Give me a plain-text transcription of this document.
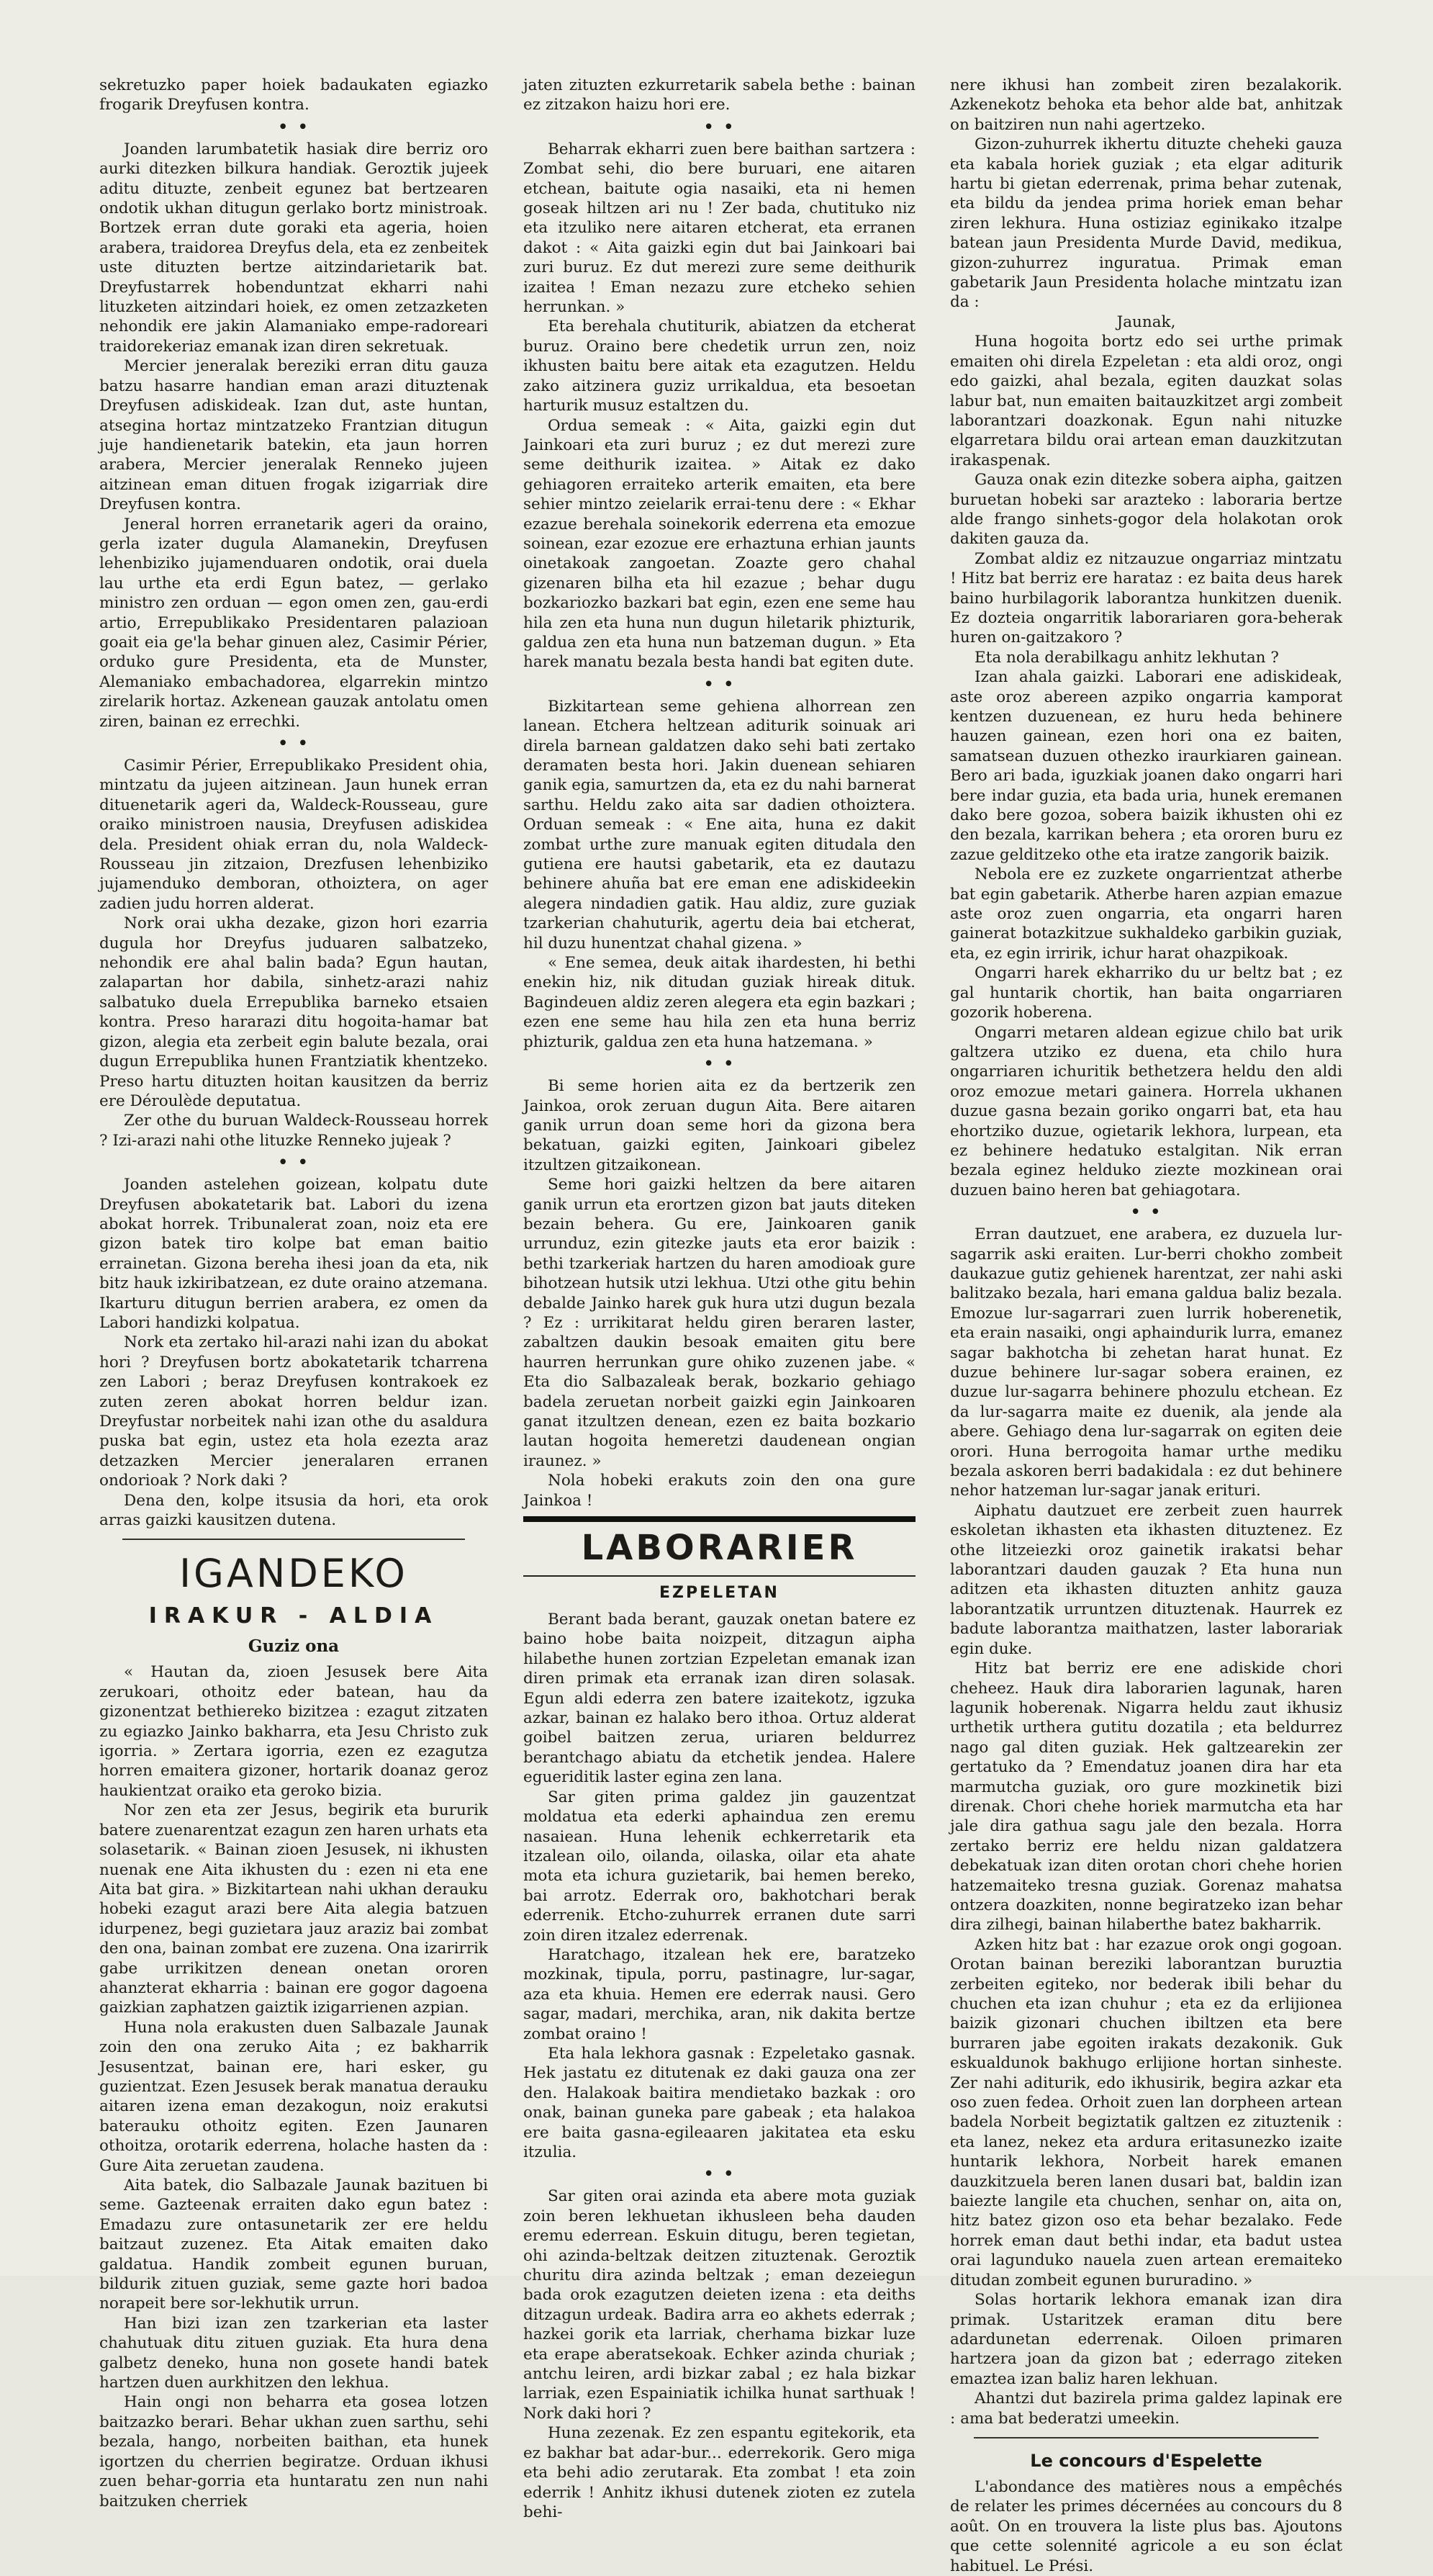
sekretuzko paper hoiek badaukaten egiazko frogarik Dreyfusen kontra.

• •

Joanden larumbatetik hasiak dire berriz oro aurki ditezken bilkura handiak. Geroztik jujeek aditu dituzte, zenbeit egunez bat bertzearen ondotik ukhan ditugun gerlako bortz ministroak. Bortzek erran dute goraki eta ageria, hoien arabera, traidorea Dreyfus dela, eta ez zenbeitek uste dituzten bertze aitzindarietarik bat. Dreyfustarrek hobenduntzat ekharri nahi lituzketen aitzindari hoiek, ez omen zetzazketen nehondik ere jakin Alamaniako empe-radoreari traidorekeriaz emanak izan diren sekretuak.

Mercier jeneralak bereziki erran ditu gauza batzu hasarre handian eman arazi dituztenak Dreyfusen adiskideak. Izan dut, aste huntan, atsegina hortaz mintzatzeko Frantzian ditugun juje handienetarik batekin, eta jaun horren arabera, Mercier jeneralak Renneko jujeen aitzinean eman dituen frogak izigarriak dire Dreyfusen kontra.

Jeneral horren erranetarik ageri da oraino, gerla izater dugula Alamanekin, Dreyfusen lehenbiziko jujamenduaren ondotik, orai duela lau urthe eta erdi Egun batez, — gerlako ministro zen orduan — egon omen zen, gau-erdi artio, Errepublikako Presidentaren palazioan goait eia ge'la behar ginuen alez, Casimir Périer, orduko gure Presidenta, eta de Munster, Alemaniako embachadorea, elgarrekin mintzo zirelarik hortaz. Azkenean gauzak antolatu omen ziren, bainan ez errechki.

• •

Casimir Périer, Errepublikako President ohia, mintzatu da jujeen aitzinean. Jaun hunek erran dituenetarik ageri da, Waldeck-Rousseau, gure oraiko ministroen nausia, Dreyfusen adiskidea dela. President ohiak erran du, nola Waldeck-Rousseau jin zitzaion, Drezfusen lehenbiziko jujamenduko demboran, othoiztera, on ager zadien judu horren alderat.

Nork orai ukha dezake, gizon hori ezarria dugula hor Dreyfus juduaren salbatzeko, nehondik ere ahal balin bada? Egun hautan, zalapartan hor dabila, sinhetz-arazi nahiz salbatuko duela Errepublika barneko etsaien kontra. Preso hararazi ditu hogoita-hamar bat gizon, alegia eta zerbeit egin balute bezala, orai dugun Errepublika hunen Frantziatik khentzeko. Preso hartu dituzten hoitan kausitzen da berriz ere Déroulède deputatua.

Zer othe du buruan Waldeck-Rousseau horrek ? Izi-arazi nahi othe lituzke Renneko jujeak ?

• •

Joanden astelehen goizean, kolpatu dute Dreyfusen abokatetarik bat. Labori du izena abokat horrek. Tribunalerat zoan, noiz eta ere gizon batek tiro kolpe bat eman baitio errainetan. Gizona bereha ihesi joan da eta, nik bitz hauk izkiribatzean, ez dute oraino atzemana. Ikarturu ditugun berrien arabera, ez omen da Labori handizki kolpatua.

Nork eta zertako hil-arazi nahi izan du abokat hori ? Dreyfusen bortz abokatetarik tcharrena zen Labori ; beraz Dreyfusen kontrakoek ez zuten zeren abokat horren beldur izan. Dreyfustar norbeitek nahi izan othe du asaldura puska bat egin, ustez eta hola ezezta araz detzazken Mercier jeneralaren erranen ondorioak ? Nork daki ?

Dena den, kolpe itsusia da hori, eta orok arras gaizki kausitzen dutena.

IGANDEKO
IRAKUR - ALDIA
Guziz ona

« Hautan da, zioen Jesusek bere Aita zerukoari, othoitz eder batean, hau da gizonentzat bethiereko bizitzea : ezagut zitzaten zu egiazko Jainko bakharra, eta Jesu Christo zuk igorria. » Zertara igorria, ezen ez ezagutza horren emaitera gizoner, hortarik doanaz geroz haukientzat oraiko eta geroko bizia.

Nor zen eta zer Jesus, begirik eta bururik batere zuenarentzat ezagun zen haren urhats eta solasetarik. « Bainan zioen Jesusek, ni ikhusten nuenak ene Aita ikhusten du : ezen ni eta ene Aita bat gira. » Bizkitartean nahi ukhan derauku hobeki ezagut arazi bere Aita alegia batzuen idurpenez, begi guzietara jauz araziz bai zombat den ona, bainan zombat ere zuzena. Ona izarirrik gabe urrikitzen denean onetan ororen ahanzterat ekharria : bainan ere gogor dagoena gaizkian zaphatzen gaiztik izigarrienen azpian.

Huna nola erakusten duen Salbazale Jaunak zoin den ona zeruko Aita ; ez bakharrik Jesusentzat, bainan ere, hari esker, gu guzientzat. Ezen Jesusek berak manatua derauku aitaren izena eman dezakogun, noiz erakutsi baterauku othoitz egiten. Ezen Jaunaren othoitza, orotarik ederrena, holache hasten da : Gure Aita zeruetan zaudena.

Aita batek, dio Salbazale Jaunak bazituen bi seme. Gazteenak erraiten dako egun batez : Emadazu zure ontasunetarik zer ere heldu baitzaut zuzenez. Eta Aitak emaiten dako galdatua. Handik zombeit egunen buruan, bildurik zituen guziak, seme gazte hori badoa norapeit bere sor-lekhutik urrun.

Han bizi izan zen tzarkerian eta laster chahutuak ditu zituen guziak. Eta hura dena galbetz deneko, huna non gosete handi batek hartzen duen aurkhitzen den lekhua.

Hain ongi non beharra eta gosea lotzen baitzazko berari. Behar ukhan zuen sarthu, sehi bezala, hango, norbeiten baithan, eta hunek igortzen du cherrien begiratze. Orduan ikhusi zuen behar-gorria eta huntaratu zen nun nahi baitzuken cherriek

jaten zituzten ezkurretarik sabela bethe : bainan ez zitzakon haizu hori ere.

• •

Beharrak ekharri zuen bere baithan sartzera : Zombat sehi, dio bere buruari, ene aitaren etchean, baitute ogia nasaiki, eta ni hemen goseak hiltzen ari nu ! Zer bada, chutituko niz eta itzuliko nere aitaren etcherat, eta erranen dakot : « Aita gaizki egin dut bai Jainkoari bai zuri buruz. Ez dut merezi zure seme deithurik izaitea ! Eman nezazu zure etcheko sehien herrunkan. »

Eta berehala chutiturik, abiatzen da etcherat buruz. Oraino bere chedetik urrun zen, noiz ikhusten baitu bere aitak eta ezagutzen. Heldu zako aitzinera guziz urrikaldua, eta besoetan harturik musuz estaltzen du.

Ordua semeak : « Aita, gaizki egin dut Jainkoari eta zuri buruz ; ez dut merezi zure seme deithurik izaitea. » Aitak ez dako gehiagoren erraiteko arterik emaiten, eta bere sehier mintzo zeielarik errai-tenu dere : « Ekhar ezazue berehala soinekorik ederrena eta emozue soinean, ezar ezozue ere erhaztuna erhian jaunts oinetakoak zangoetan. Zoazte gero chahal gizenaren bilha eta hil ezazue ; behar dugu bozkariozko bazkari bat egin, ezen ene seme hau hila zen eta huna nun dugun hiletarik phizturik, galdua zen eta huna nun batzeman dugun. » Eta harek manatu bezala besta handi bat egiten dute.

• •

Bizkitartean seme gehiena alhorrean zen lanean. Etchera heltzean aditurik soinuak ari direla barnean galdatzen dako sehi bati zertako deramaten besta hori. Jakin duenean sehiaren ganik egia, samurtzen da, eta ez du nahi barnerat sarthu. Heldu zako aita sar dadien othoiztera. Orduan semeak : « Ene aita, huna ez dakit zombat urthe zure manuak egiten ditudala den gutiena ere hautsi gabetarik, eta ez dautazu behinere ahuña bat ere eman ene adiskideekin alegera nindadien gatik. Hau aldiz, zure guziak tzarkerian chahuturik, agertu deia bai etcherat, hil duzu hunentzat chahal gizena. »

« Ene semea, deuk aitak ihardesten, hi bethi enekin hiz, nik ditudan guziak hireak dituk. Bagindeuen aldiz zeren alegera eta egin bazkari ; ezen ene seme hau hila zen eta huna berriz phizturik, galdua zen eta huna hatzemana. »

• •

Bi seme horien aita ez da bertzerik zen Jainkoa, orok zeruan dugun Aita. Bere aitaren ganik urrun doan seme hori da gizona bera bekatuan, gaizki egiten, Jainkoari gibelez itzultzen gitzaikonean.

Seme hori gaizki heltzen da bere aitaren ganik urrun eta erortzen gizon bat jauts diteken bezain behera. Gu ere, Jainkoaren ganik urrunduz, ezin gitezke jauts eta eror baizik : bethi tzarkeriak hartzen du haren amodioak gure bihotzean hutsik utzi lekhua. Utzi othe gitu behin debalde Jainko harek guk hura utzi dugun bezala ? Ez : urrikitarat heldu giren beraren laster, zabaltzen daukin besoak emaiten gitu bere haurren herrunkan gure ohiko zuzenen jabe. « Eta dio Salbazaleak berak, bozkario gehiago badela zeruetan norbeit gaizki egin Jainkoaren ganat itzultzen denean, ezen ez baita bozkario lautan hogoita hemeretzi daudenean ongian iraunez. »

Nola hobeki erakuts zoin den ona gure Jainkoa !

LABORARIER
EZPELETAN

Berant bada berant, gauzak onetan batere ez baino hobe baita noizpeit, ditzagun aipha hilabethe hunen zortzian Ezpeletan emanak izan diren primak eta erranak izan diren solasak. Egun aldi ederra zen batere izaitekotz, igzuka azkar, bainan ez halako bero ithoa. Ortuz alderat goibel baitzen zerua, uriaren beldurrez berantchago abiatu da etchetik jendea. Halere egueriditik laster egina zen lana.

Sar giten prima galdez jin gauzentzat moldatua eta ederki aphaindua zen eremu nasaiean. Huna lehenik echkerretarik eta itzalean oilo, oilanda, oilaska, oilar eta ahate mota eta ichura guzietarik, bai hemen bereko, bai arrotz. Ederrak oro, bakhotchari berak ederrenik. Etcho-zuhurrek erranen dute sarri zoin diren itzalez ederrenak.

Haratchago, itzalean hek ere, baratzeko mozkinak, tipula, porru, pastinagre, lur-sagar, aza eta khuia. Hemen ere ederrak nausi. Gero sagar, madari, merchika, aran, nik dakita bertze zombat oraino !

Eta hala lekhora gasnak : Ezpeletako gasnak. Hek jastatu ez ditutenak ez daki gauza ona zer den. Halakoak baitira mendietako bazkak : oro onak, bainan guneka pare gabeak ; eta halakoa ere baita gasna-egileaaren jakitatea eta esku itzulia.

• •

Sar giten orai azinda eta abere mota guziak zoin beren lekhuetan ikhusleen beha dauden eremu ederrean. Eskuin ditugu, beren tegietan, ohi azinda-beltzak deitzen zituztenak. Geroztik churitu dira azinda beltzak ; eman dezeiegun bada orok ezagutzen deieten izena : eta deiths ditzagun urdeak. Badira arra eo akhets ederrak ; hazkei gorik eta larriak, cherhama bizkar luze eta erape aberatsekoak. Echker azinda churiak ; antchu leiren, ardi bizkar zabal ; ez hala bizkar larriak, ezen Espainiatik ichilka hunat sarthuak ! Nork daki hori ?

Huna zezenak. Ez zen espantu egitekorik, eta ez bakhar bat adar-bur... ederrekorik. Gero miga eta behi adio zerutarak. Eta zombat ! eta zoin ederrik ! Anhitz ikhusi dutenek zioten ez zutela behi-

nere ikhusi han zombeit ziren bezalakorik. Azkenekotz behoka eta behor alde bat, anhitzak on baitziren nun nahi agertzeko.

Gizon-zuhurrek ikhertu dituzte cheheki gauza eta kabala horiek guziak ; eta elgar aditurik hartu bi gietan ederrenak, prima behar zutenak, eta bildu da jendea prima horiek eman behar ziren lekhura. Huna ostiziaz eginikako itzalpe batean jaun Presidenta Murde David, medikua, gizon-zuhurrez inguratua. Primak eman gabetarik Jaun Presidenta holache mintzatu izan da :

Jaunak,

Huna hogoita bortz edo sei urthe primak emaiten ohi direla Ezpeletan : eta aldi oroz, ongi edo gaizki, ahal bezala, egiten dauzkat solas labur bat, nun emaiten baitauzkitzet argi zombeit laborantzari doazkonak. Egun nahi nituzke elgarretara bildu orai artean eman dauzkitzutan irakaspenak.

Gauza onak ezin ditezke sobera aipha, gaitzen buruetan hobeki sar arazteko : laboraria bertze alde frango sinhets-gogor dela holakotan orok dakiten gauza da.

Zombat aldiz ez nitzauzue ongarriaz mintzatu ! Hitz bat berriz ere harataz : ez baita deus harek baino hurbilagorik laborantza hunkitzen duenik. Ez dozteia ongarritik laborariaren gora-beherak huren on-gaitzakoro ?

Eta nola derabilkagu anhitz lekhutan ?

Izan ahala gaizki. Laborari ene adiskideak, aste oroz abereen azpiko ongarria kamporat kentzen duzuenean, ez huru heda behinere hauzen gainean, ezen hori ona ez baiten, samatsean duzuen othezko iraurkiaren gainean. Bero ari bada, iguzkiak joanen dako ongarri hari bere indar guzia, eta bada uria, hunek eremanen dako bere gozoa, sobera baizik ikhusten ohi ez den bezala, karrikan behera ; eta ororen buru ez zazue gelditzeko othe eta iratze zangorik baizik.

Nebola ere ez zuzkete ongarrientzat atherbe bat egin gabetarik. Atherbe haren azpian emazue aste oroz zuen ongarria, eta ongarri haren gainerat botazkitzue sukhaldeko garbikin guziak, eta, ez egin irririk, ichur harat ohazpikoak.

Ongarri harek ekharriko du ur beltz bat ; ez gal huntarik chortik, han baita ongarriaren gozorik hoberena.

Ongarri metaren aldean egizue chilo bat urik galtzera utziko ez duena, eta chilo hura ongarriaren ichuritik bethetzera heldu den aldi oroz emozue metari gainera. Horrela ukhanen duzue gasna bezain goriko ongarri bat, eta hau ehortziko duzue, ogietarik lekhora, lurpean, eta ez behinere hedatuko estalgitan. Nik erran bezala eginez helduko ziezte mozkinean orai duzuen baino heren bat gehiagotara.

• •

Erran dautzuet, ene arabera, ez duzuela lur-sagarrik aski eraiten. Lur-berri chokho zombeit daukazue gutiz gehienek harentzat, zer nahi aski balitzako bezala, hari emana galdua baliz bezala. Emozue lur-sagarrari zuen lurrik hoberenetik, eta erain nasaiki, ongi aphaindurik lurra, emanez sagar bakhotcha bi zehetan harat hunat. Ez duzue behinere lur-sagar sobera erainen, ez duzue lur-sagarra behinere phozulu etchean. Ez da lur-sagarra maite ez duenik, ala jende ala abere. Gehiago dena lur-sagarrak on egiten deie orori. Huna berrogoita hamar urthe mediku bezala askoren berri badakidala : ez dut behinere nehor hatzeman lur-sagar janak erituri.

Aiphatu dautzuet ere zerbeit zuen haurrek eskoletan ikhasten eta ikhasten dituztenez. Ez othe litzeiezki oroz gainetik irakatsi behar laborantzari dauden gauzak ? Eta huna nun aditzen eta ikhasten dituzten anhitz gauza laborantzatik urruntzen dituztenak. Haurrek ez badute laborantza maithatzen, laster laborariak egin duke.

Hitz bat berriz ere ene adiskide chori cheheez. Hauk dira laborarien lagunak, haren lagunik hoberenak. Nigarra heldu zaut ikhusiz urthetik urthera gutitu dozatila ; eta beldurrez nago gal diten guziak. Hek galtzearekin zer gertatuko da ? Emendatuz joanen dira har eta marmutcha guziak, oro gure mozkinetik bizi direnak. Chori chehe horiek marmutcha eta har jale dira gathua sagu jale den bezala. Horra zertako berriz ere heldu nizan galdatzera debekatuak izan diten orotan chori chehe horien hatzemaiteko tresna guziak. Gorenaz mahatsa ontzera doazkiten, nonne begiratzeko izan behar dira zilhegi, bainan hilaberthe batez bakharrik.

Azken hitz bat : har ezazue orok ongi gogoan. Orotan bainan bereziki laborantzan buruztia zerbeiten egiteko, nor bederak ibili behar du chuchen eta izan chuhur ; eta ez da erlijionea baizik gizonari chuchen ibiltzen eta bere burraren jabe egoiten irakats dezakonik. Guk eskualdunok bakhugo erlijione hortan sinheste. Zer nahi aditurik, edo ikhusirik, begira azkar eta oso zuen fedea. Orhoit zuen lan dorpheen artean badela Norbeit begiztatik galtzen ez zituztenik : eta lanez, nekez eta ardura eritasunezko izaite huntarik lekhora, Norbeit harek emanen dauzkitzuela beren lanen dusari bat, baldin izan baiezte langile eta chuchen, senhar on, aita on, hitz batez gizon oso eta behar bezalako. Fede horrek eman daut bethi indar, eta badut ustea orai lagunduko nauela zuen artean eremaiteko ditudan zombeit egunen bururadino. »

Solas hortarik lekhora emanak izan dira primak. Ustaritzek eraman ditu bere adardunetan ederrenak. Oiloen primaren hartzera joan da gizon bat ; ederrago ziteken emaztea izan baliz haren lekhuan.

Ahantzi dut bazirela prima galdez lapinak ere : ama bat bederatzi umeekin.

Le concours d'Espelette

L'abondance des matières nous a empêchés de relater les primes décernées au concours du 8 août. On en trouvera la liste plus bas. Ajoutons que cette solennité agricole a eu son éclat habituel. Le Prési.
